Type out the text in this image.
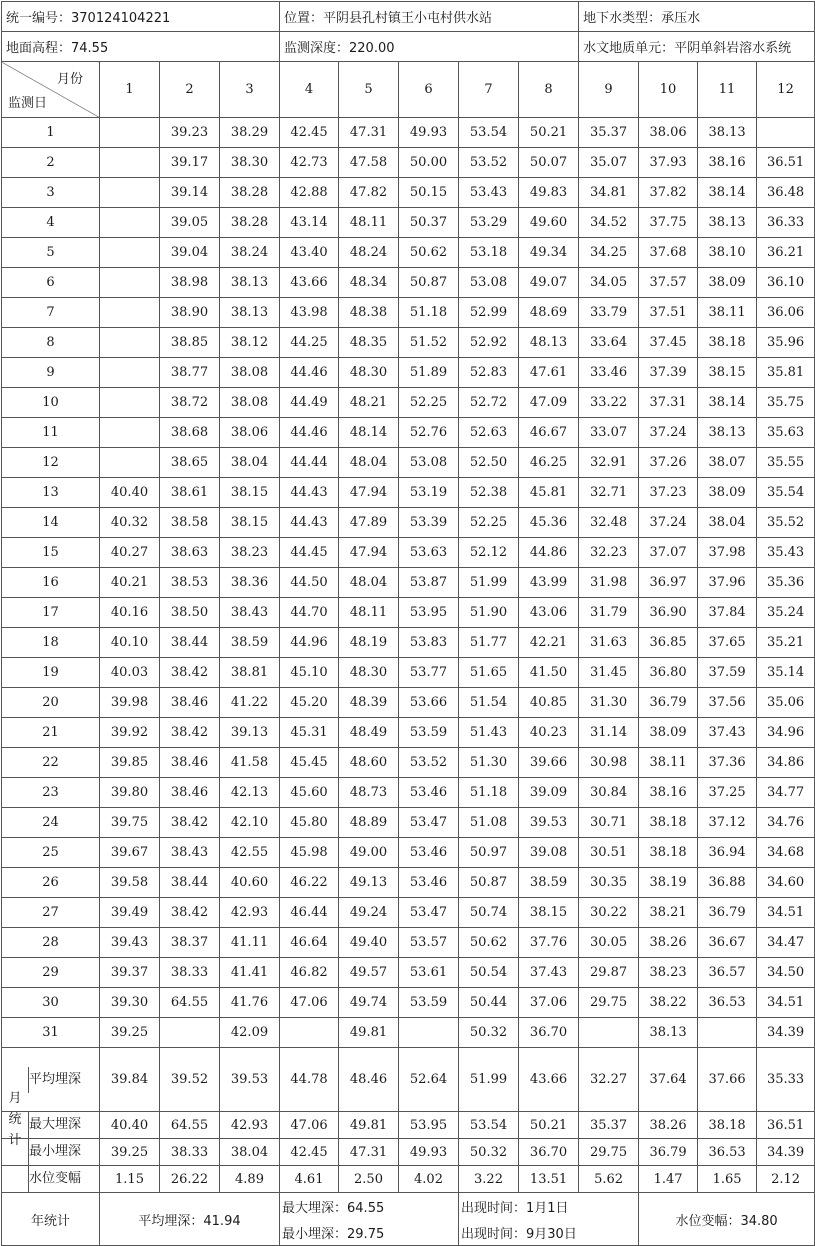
统一编号：370124104221				位置：平阴县孔村镇王小屯村供水站					地下水类型：承压水			
地面高程：74.55				监测深度：220.00					水文地质单元：平阴单斜岩溶水系统			

月份
监测日	1	2	3	4	5	6	7	8	9	10	11	12
1		39.23	38.29	42.45	47.31	49.93	53.54	50.21	35.37	38.06	38.13	
2		39.17	38.30	42.73	47.58	50.00	53.52	50.07	35.07	37.93	38.16	36.51
3		39.14	38.28	42.88	47.82	50.15	53.43	49.83	34.81	37.82	38.14	36.48
4		39.05	38.28	43.14	48.11	50.37	53.29	49.60	34.52	37.75	38.13	36.33
5		39.04	38.24	43.40	48.24	50.62	53.18	49.34	34.25	37.68	38.10	36.21
6		38.98	38.13	43.66	48.34	50.87	53.08	49.07	34.05	37.57	38.09	36.10
7		38.90	38.13	43.98	48.38	51.18	52.99	48.69	33.79	37.51	38.11	36.06
8		38.85	38.12	44.25	48.35	51.52	52.92	48.13	33.64	37.45	38.18	35.96
9		38.77	38.08	44.46	48.30	51.89	52.83	47.61	33.46	37.39	38.15	35.81
10		38.72	38.08	44.49	48.21	52.25	52.72	47.09	33.22	37.31	38.14	35.75
11		38.68	38.06	44.46	48.14	52.76	52.63	46.67	33.07	37.24	38.13	35.63
12		38.65	38.04	44.44	48.04	53.08	52.50	46.25	32.91	37.26	38.07	35.55
13	40.40	38.61	38.15	44.43	47.94	53.19	52.38	45.81	32.71	37.23	38.09	35.54
14	40.32	38.58	38.15	44.43	47.89	53.39	52.25	45.36	32.48	37.24	38.04	35.52
15	40.27	38.63	38.23	44.45	47.94	53.63	52.12	44.86	32.23	37.07	37.98	35.43
16	40.21	38.53	38.36	44.50	48.04	53.87	51.99	43.99	31.98	36.97	37.96	35.36
17	40.16	38.50	38.43	44.70	48.11	53.95	51.90	43.06	31.79	36.90	37.84	35.24
18	40.10	38.44	38.59	44.96	48.19	53.83	51.77	42.21	31.63	36.85	37.65	35.21
19	40.03	38.42	38.81	45.10	48.30	53.77	51.65	41.50	31.45	36.80	37.59	35.14
20	39.98	38.46	41.22	45.20	48.39	53.66	51.54	40.85	31.30	36.79	37.56	35.06
21	39.92	38.42	39.13	45.31	48.49	53.59	51.43	40.23	31.14	38.09	37.43	34.96
22	39.85	38.46	41.58	45.45	48.60	53.52	51.30	39.66	30.98	38.11	37.36	34.86
23	39.80	38.46	42.13	45.60	48.73	53.46	51.18	39.09	30.84	38.16	37.25	34.77
24	39.75	38.42	42.10	45.80	48.89	53.47	51.08	39.53	30.71	38.18	37.12	34.76
25	39.67	38.43	42.55	45.98	49.00	53.46	50.97	39.08	30.51	38.18	36.94	34.68
26	39.58	38.44	40.60	46.22	49.13	53.46	50.87	38.59	30.35	38.19	36.88	34.60
27	39.49	38.42	42.93	46.44	49.24	53.47	50.74	38.15	30.22	38.21	36.79	34.51
28	39.43	38.37	41.11	46.64	49.40	53.57	50.62	37.76	30.05	38.26	36.67	34.47
29	39.37	38.33	41.41	46.82	49.57	53.61	50.54	37.43	29.87	38.23	36.57	34.50
30	39.30	64.55	41.76	47.06	49.74	53.59	50.44	37.06	29.75	38.22	36.53	34.51
31	39.25		42.09		49.81		50.32	36.70		38.13		34.39

月
统
计
平均埋深	39.84	39.52	39.53	44.78	48.46	52.64	51.99	43.66	32.27	37.64	37.66	35.33

最大埋深	40.40	64.55	42.93	47.06	49.81	53.95	53.54	50.21	35.37	38.26	38.18	36.51

最小埋深	39.25	38.33	38.04	42.45	47.31	49.93	50.32	36.70	29.75	36.79	36.53	34.39

水位变幅	1.15	26.22	4.89	4.61	2.50	4.02	3.22	13.51	5.62	1.47	1.65	2.12
年统计	平均埋深：41.94			最大埋深：64.55			出现时间：1月1日			水位变幅：34.80		
				最小埋深：29.75			出现时间：9月30日					
